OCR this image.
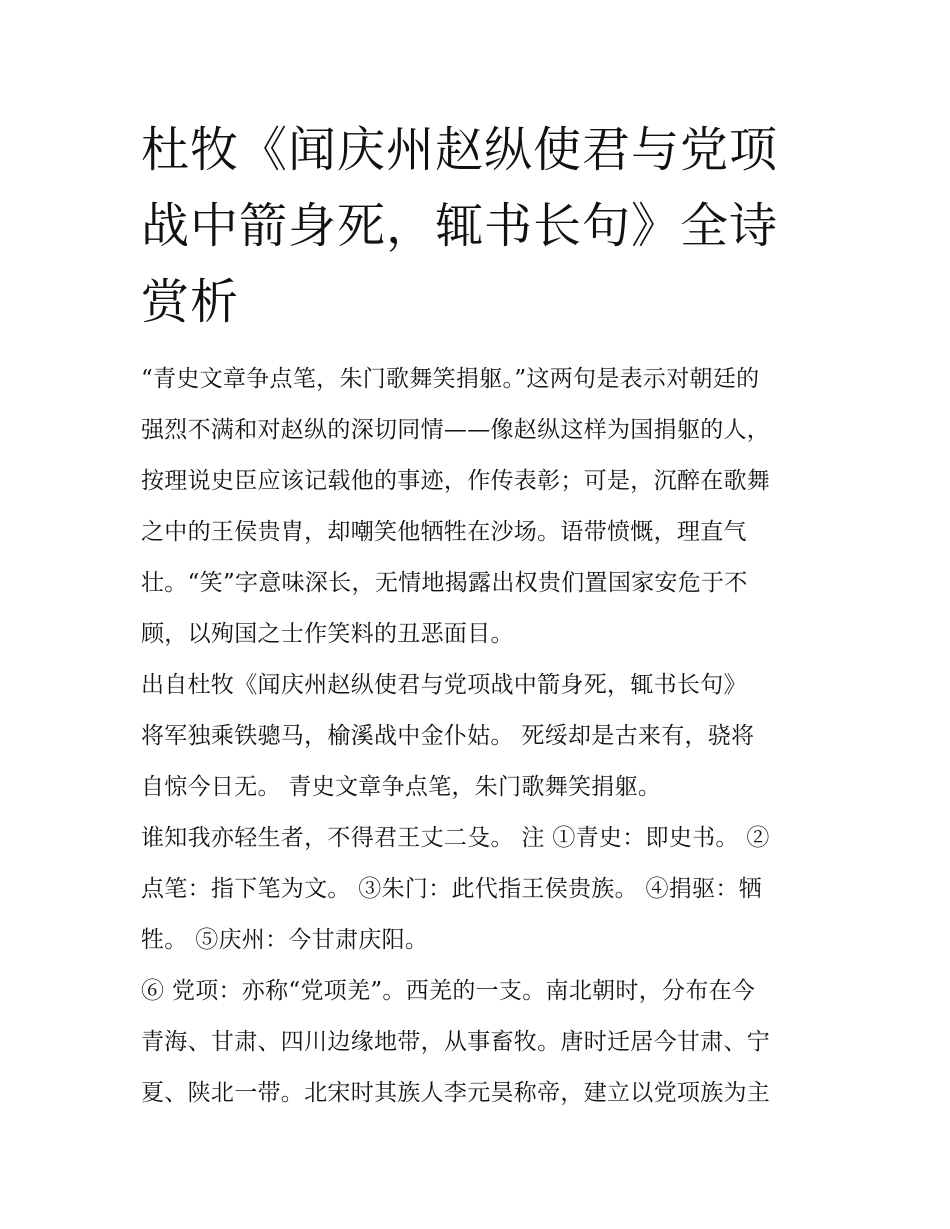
杜牧《闻庆州赵纵使君与党项
战中箭身死，辄书长句》全诗
赏析

“青史文章争点笔，朱门歌舞笑捐躯。”这两句是表示对朝廷的
强烈不满和对赵纵的深切同情——像赵纵这样为国捐躯的人，
按理说史臣应该记载他的事迹，作传表彰；可是，沉醉在歌舞
之中的王侯贵胄，却嘲笑他牺牲在沙场。语带愤慨，理直气
壮。“笑”字意味深长，无情地揭露出权贵们置国家安危于不
顾，以殉国之士作笑料的丑恶面目。

出自杜牧《闻庆州赵纵使君与党项战中箭身死，辄书长句》
将军独乘铁骢马，榆溪战中金仆姑。 死绥却是古来有，骁将
自惊今日无。 青史文章争点笔，朱门歌舞笑捐躯。

谁知我亦轻生者，不得君王丈二殳。 注 ①青史：即史书。 ②
点笔：指下笔为文。 ③朱门：此代指王侯贵族。 ④捐驱：牺
牲。 ⑤庆州：今甘肃庆阳。

⑥ 党项：亦称“党项羌”。西羌的一支。南北朝时，分布在今
青海、甘肃、四川边缘地带，从事畜牧。唐时迁居今甘肃、宁
夏、陕北一带。北宋时其族人李元昊称帝，建立以党项族为主
